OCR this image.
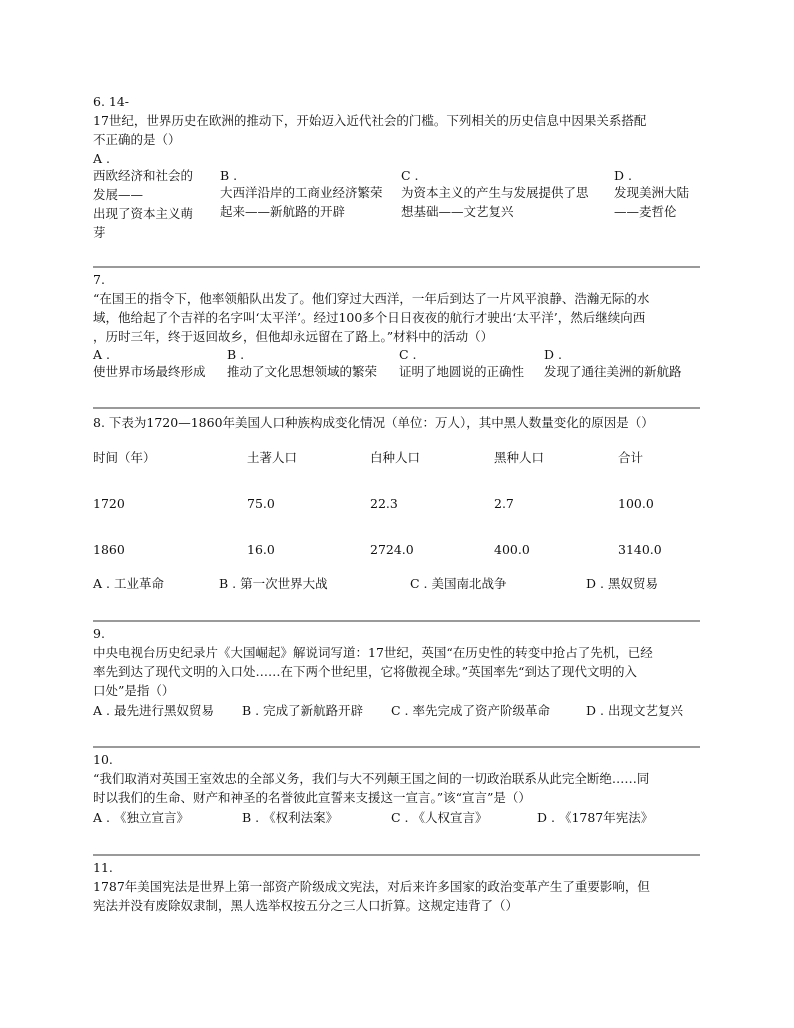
6. 14-
17世纪，世界历史在欧洲的推动下，开始迈入近代社会的门槛。下列相关的历史信息中因果关系搭配
不正确的是（）
A .
西欧经济和社会的
发展——
出现了资本主义萌
芽
B .
大西洋沿岸的工商业经济繁荣
起来——新航路的开辟
C .
为资本主义的产生与发展提供了思
想基础——文艺复兴
D .
发现美洲大陆
——麦哲伦
7.
“在国王的指令下，他率领船队出发了。他们穿过大西洋，一年后到达了一片风平浪静、浩瀚无际的水
域，他给起了个吉祥的名字叫‘太平洋’。经过100多个日日夜夜的航行才驶出‘太平洋’，然后继续向西
，历时三年，终于返回故乡，但他却永远留在了路上。”材料中的活动（）
A .
使世界市场最终形成
B .
推动了文化思想领域的繁荣
C .
证明了地圆说的正确性
D .
发现了通往美洲的新航路
8. 下表为1720—1860年美国人口种族构成变化情况（单位：万人），其中黑人数量变化的原因是（）
时间（年）	土著人口	白种人口	黑种人口	合计
1720	75.0	22.3	2.7	100.0
1860	16.0	2724.0	400.0	3140.0
A . 工业革命	B . 第一次世界大战	C . 美国南北战争	D . 黑奴贸易
9.
中央电视台历史纪录片《大国崛起》解说词写道：17世纪，英国“在历史性的转变中抢占了先机，已经
率先到达了现代文明的入口处……在下两个世纪里，它将傲视全球。”英国率先“到达了现代文明的入
口处”是指（）
A . 最先进行黑奴贸易 B . 完成了新航路开辟 C . 率先完成了资产阶级革命	D . 出现文艺复兴
10.
“我们取消对英国王室效忠的全部义务，我们与大不列颠王国之间的一切政治联系从此完全断绝……同
时以我们的生命、财产和神圣的名誉彼此宣誓来支援这一宣言。”该“宣言”是（）
A . 《独立宣言》	B . 《权利法案》	C . 《人权宣言》	D . 《1787年宪法》
11.
1787年美国宪法是世界上第一部资产阶级成文宪法，对后来许多国家的政治变革产生了重要影响，但
宪法并没有废除奴隶制，黑人选举权按五分之三人口折算。这规定违背了（）
